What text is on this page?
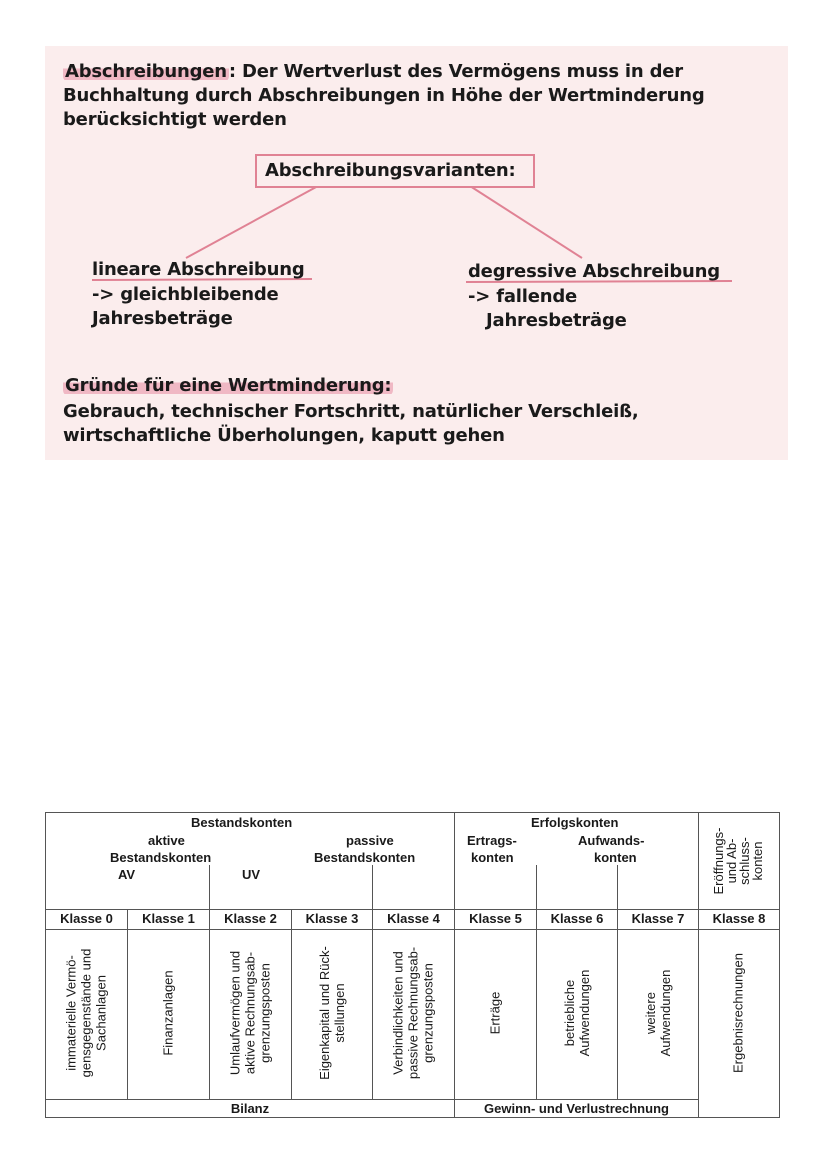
Abschreibungen : Der Wertverlust des Vermögens muss in der
Buchhaltung durch Abschreibungen in Höhe der Wertminderung
berücksichtigt werden
Abschreibungsvarianten:
lineare Abschreibung
-> gleichbleibende
Jahresbeträge
degressive Abschreibung
-> fallende
Jahresbeträge
Gründe für eine Wertminderung:
Gebrauch, technischer Fortschritt, natürlicher Verschleiß,
wirtschaftliche Überholungen, kaputt gehen
Bestandskonten
aktive
Bestandskonten
passive
Bestandskonten
AV	UV
Erfolgskonten
Ertrags-
konten
Aufwands-
konten	Eröffnungs-
und Ab-
schluss-
konten
Klasse 0	Klasse 1	Klasse 2	Klasse 3	Klasse 4	Klasse 5	Klasse 6	Klasse 7	Klasse 8
immaterielle Vermö-
gensgegenstände und
Sachanlagen	Finanzanlagen	Umlaufvermögen und
aktive Rechnungsab-
grenzungsposten	Eigenkapital und Rück-
stellungen	Verbindlichkeiten und
passive Rechnungsab-
grenzungsposten	Erträge	betriebliche
Aufwendungen	weitere
Aufwendungen	Ergebnisrechnungen
Bilanz	Gewinn- und Verlustrechnung
